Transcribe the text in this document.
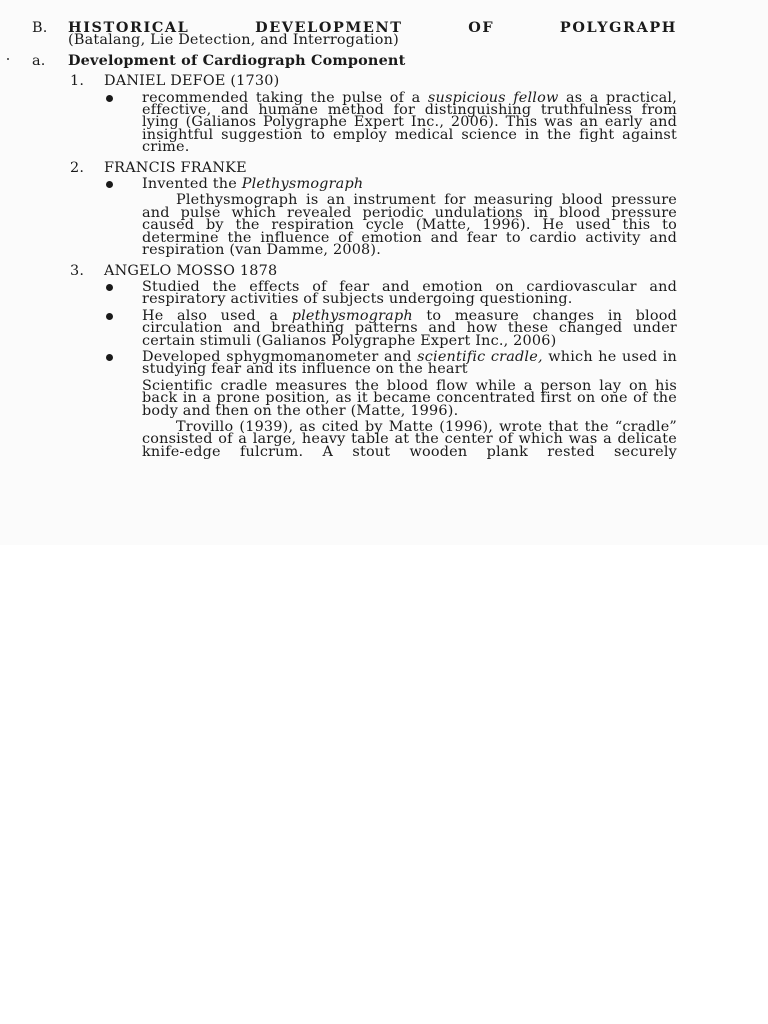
B. HISTORICAL DEVELOPMENT OF POLYGRAPH
(Batalang, Lie Detection, and Interrogation)
a. Development of Cardiograph Component
1. DANIEL DEFOE (1730)
recommended taking the pulse of a suspicious fellow as a practical, effective, and humane method for distinguishing truthfulness from lying (Galianos Polygraphe Expert Inc., 2006). This was an early and insightful suggestion to employ medical science in the fight against crime.
2. FRANCIS FRANKE
Invented the Plethysmograph
Plethysmograph is an instrument for measuring blood pressure and pulse which revealed periodic undulations in blood pressure caused by the respiration cycle (Matte, 1996). He used this to determine the influence of emotion and fear to cardio activity and respiration (van Damme, 2008).
3. ANGELO MOSSO 1878
Studied the effects of fear and emotion on cardiovascular and respiratory activities of subjects undergoing questioning.
He also used a plethysmograph to measure changes in blood circulation and breathing patterns and how these changed under certain stimuli (Galianos Polygraphe Expert Inc., 2006)
Developed sphygmomanometer and scientific cradle, which he used in studying fear and its influence on the heart
Scientific cradle measures the blood flow while a person lay on his back in a prone position, as it became concentrated first on one of the body and then on the other (Matte, 1996).
Trovillo (1939), as cited by Matte (1996), wrote that the “cradle” consisted of a large, heavy table at the center of which was a delicate knife-edge fulcrum. A stout wooden plank rested securely
